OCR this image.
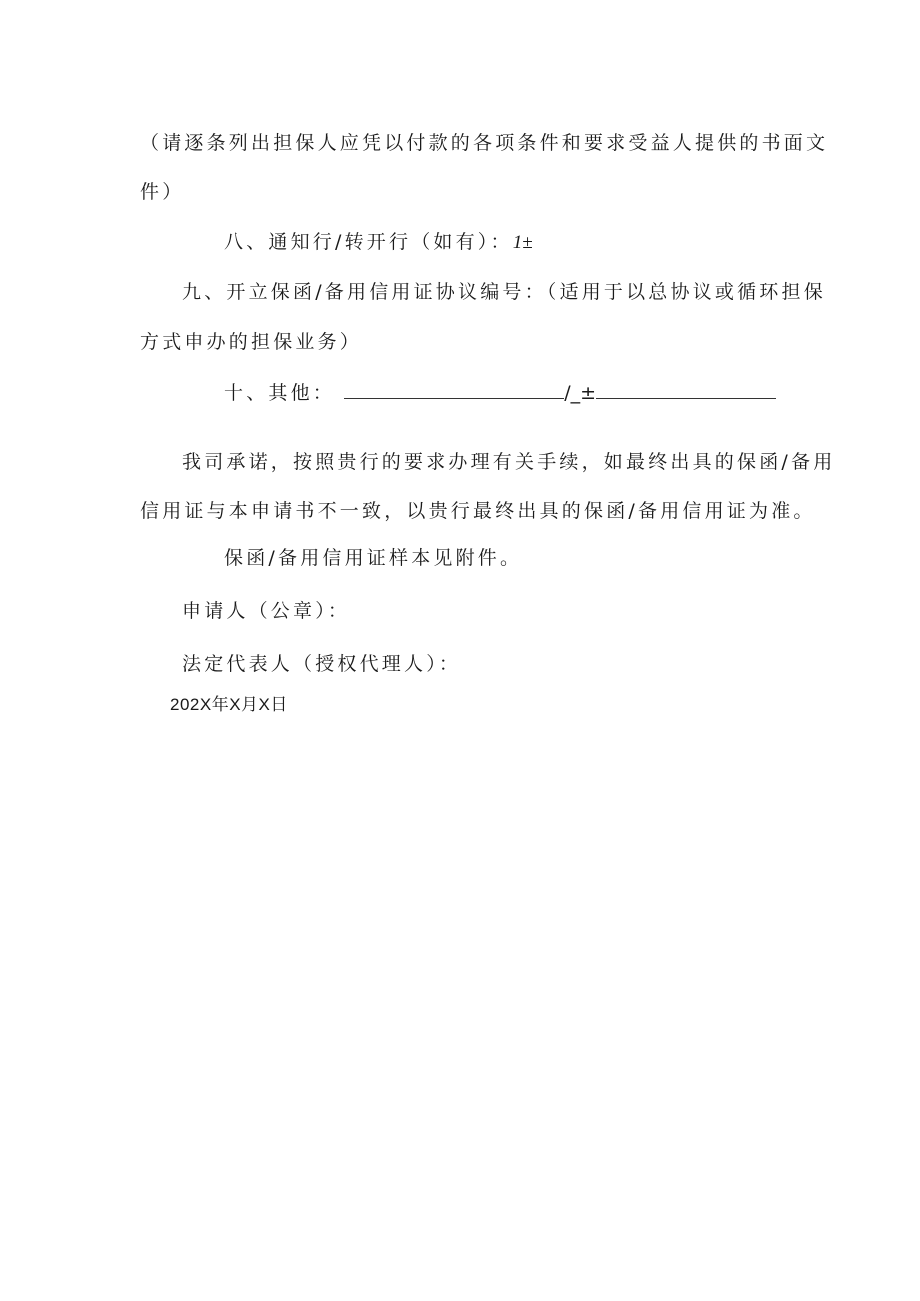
（请逐条列出担保人应凭以付款的各项条件和要求受益人提供的书面文
件）
八、通知行/转开行（如有）：1±
九、开立保函/备用信用证协议编号：（适用于以总协议或循环担保
方式申办的担保业务）
十、其他：	/_±
我司承诺，按照贵行的要求办理有关手续，如最终出具的保函/备用
信用证与本申请书不一致，以贵行最终出具的保函/备用信用证为准。
保函/备用信用证样本见附件。
申请人（公章）：
法定代表人（授权代理人）：
202X年X月X日
